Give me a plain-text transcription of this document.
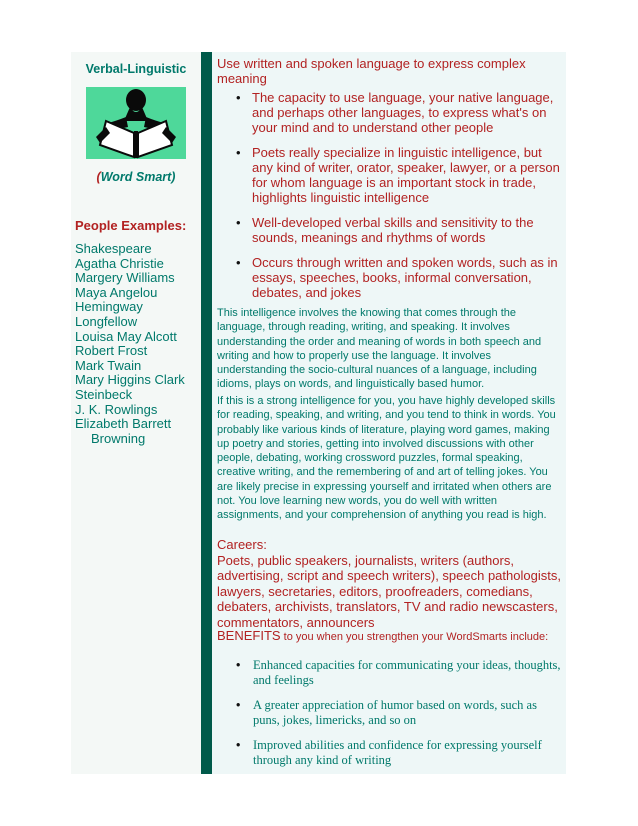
Verbal-Linguistic
(Word Smart)
People Examples:
Shakespeare
Agatha Christie
Margery Williams
Maya Angelou
Hemingway
Longfellow
Louisa May Alcott
Robert Frost
Mark Twain
Mary Higgins Clark
Steinbeck
J. K. Rowlings
Elizabeth Barrett
Browning
Use written and spoken language to express complex meaning
• The capacity to use language, your native language, and perhaps other languages, to express what's on your mind and to understand other people
• Poets really specialize in linguistic intelligence, but any kind of writer, orator, speaker, lawyer, or a person for whom language is an important stock in trade, highlights linguistic intelligence
• Well-developed verbal skills and sensitivity to the sounds, meanings and rhythms of words
• Occurs through written and spoken words, such as in essays, speeches, books, informal conversation, debates, and jokes
This intelligence involves the knowing that comes through the language, through reading, writing, and speaking. It involves understanding the order and meaning of words in both speech and writing and how to properly use the language. It involves understanding the socio-cultural nuances of a language, including idioms, plays on words, and linguistically based humor.
If this is a strong intelligence for you, you have highly developed skills for reading, speaking, and writing, and you tend to think in words. You probably like various kinds of literature, playing word games, making up poetry and stories, getting into involved discussions with other people, debating, working crossword puzzles, formal speaking, creative writing, and the remembering of and art of telling jokes. You are likely precise in expressing yourself and irritated when others are not. You love learning new words, you do well with written assignments, and your comprehension of anything you read is high.
Careers:
Poets, public speakers, journalists, writers (authors, advertising, script and speech writers), speech pathologists, lawyers, secretaries, editors, proofreaders, comedians, debaters, archivists, translators, TV and radio newscasters, commentators, announcers
BENEFITS to you when you strengthen your WordSmarts include:
• Enhanced capacities for communicating your ideas, thoughts, and feelings
• A greater appreciation of humor based on words, such as puns, jokes, limericks, and so on
• Improved abilities and confidence for expressing yourself through any kind of writing
